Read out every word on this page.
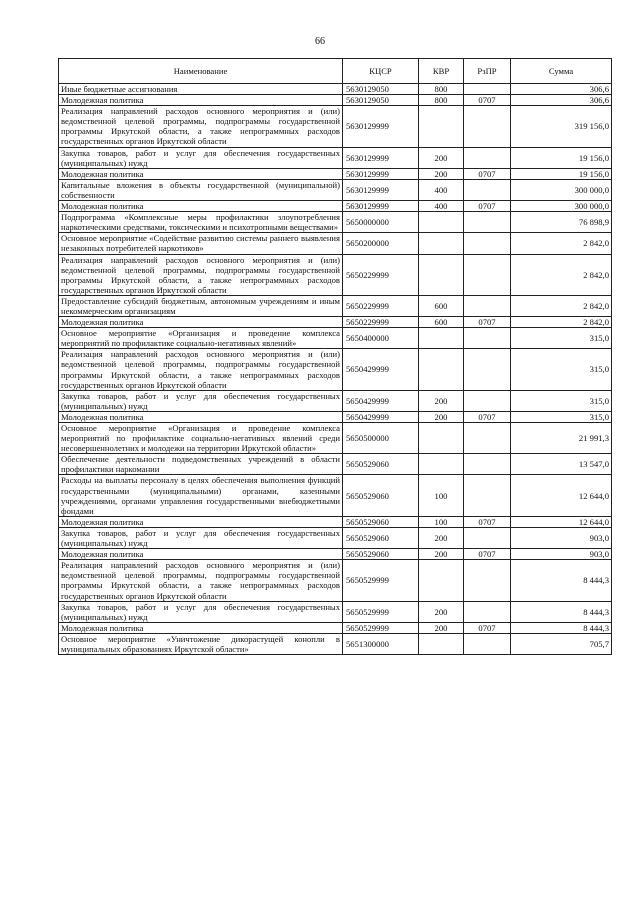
66
Наименование	КЦСР	КВР	РзПР	Сумма
Иные бюджетные ассигнования	5630129050	800		306,6
Молодежная политика	5630129050	800	0707	306,6
Реализация направлений расходов основного мероприятия и (или) ведомственной целевой программы, подпрограммы государственной программы Иркутской области, а также непрограммных расходов государственных органов Иркутской области	5630129999			319 156,0
Закупка товаров, работ и услуг для обеспечения государственных (муниципальных) нужд	5630129999	200		19 156,0
Молодежная политика	5630129999	200	0707	19 156,0
Капитальные вложения в объекты государственной (муниципальной) собственности	5630129999	400		300 000,0
Молодежная политика	5630129999	400	0707	300 000,0
Подпрограмма «Комплексные меры профилактики злоупотребления наркотическими средствами, токсическими и психотропными веществами»	5650000000			76 898,9
Основное мероприятие «Содействие развитию системы раннего выявления незаконных потребителей наркотиков»	5650200000			2 842,0
Реализация направлений расходов основного мероприятия и (или) ведомственной целевой программы, подпрограммы государственной программы Иркутской области, а также непрограммных расходов государственных органов Иркутской области	5650229999			2 842,0
Предоставление субсидий бюджетным, автономным учреждениям и иным некоммерческим организациям	5650229999	600		2 842,0
Молодежная политика	5650229999	600	0707	2 842,0
Основное мероприятие «Организация и проведение комплекса мероприятий по профилактике социально-негативных явлений»	5650400000			315,0
Реализация направлений расходов основного мероприятия и (или) ведомственной целевой программы, подпрограммы государственной программы Иркутской области, а также непрограммных расходов государственных органов Иркутской области	5650429999			315,0
Закупка товаров, работ и услуг для обеспечения государственных (муниципальных) нужд	5650429999	200		315,0
Молодежная политика	5650429999	200	0707	315,0
Основное мероприятие «Организация и проведение комплекса мероприятий по профилактике социально-негативных явлений среди несовершеннолетних и молодежи на территории Иркутской области»	5650500000			21 991,3
Обеспечение деятельности подведомственных учреждений в области профилактики наркомании	5650529060			13 547,0
Расходы на выплаты персоналу в целях обеспечения выполнения функций государственными (муниципальными) органами, казенными учреждениями, органами управления государственными внебюджетными фондами	5650529060	100		12 644,0
Молодежная политика	5650529060	100	0707	12 644,0
Закупка товаров, работ и услуг для обеспечения государственных (муниципальных) нужд	5650529060	200		903,0
Молодежная политика	5650529060	200	0707	903,0
Реализация направлений расходов основного мероприятия и (или) ведомственной целевой программы, подпрограммы государственной программы Иркутской области, а также непрограммных расходов государственных органов Иркутской области	5650529999			8 444,3
Закупка товаров, работ и услуг для обеспечения государственных (муниципальных) нужд	5650529999	200		8 444,3
Молодежная политика	5650529999	200	0707	8 444,3
Основное мероприятие «Уничтожение дикорастущей конопли в муниципальных образованиях Иркутской области»	5651300000			705,7
